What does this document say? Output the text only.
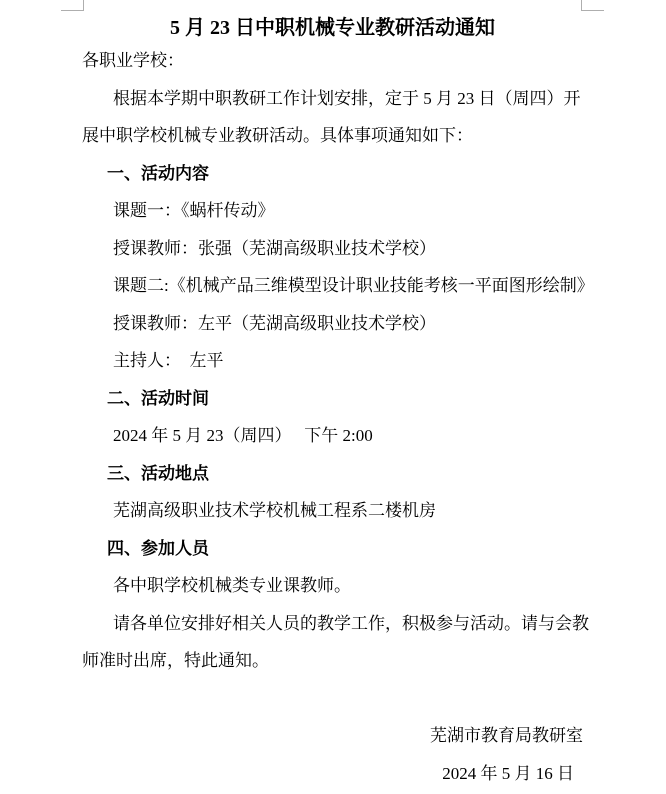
5 月 23 日中职机械专业教研活动通知
各职业学校：
根据本学期中职教研工作计划安排，定于 5 月 23 日（周四）开
展中职学校机械专业教研活动。具体事项通知如下：
一、活动内容
课题一：《蜗杆传动》
授课教师：张强（芜湖高级职业技术学校）
课题二:《机械产品三维模型设计职业技能考核一平面图形绘制》
授课教师：左平（芜湖高级职业技术学校）
主持人：　左平
二、活动时间
2024 年 5 月 23（周四）　 下午 2:00
三、活动地点
芜湖高级职业技术学校机械工程系二楼机房
四、参加人员
各中职学校机械类专业课教师。
请各单位安排好相关人员的教学工作，积极参与活动。请与会教
师准时出席，特此通知。
芜湖市教育局教研室
2024 年 5 月 16 日
